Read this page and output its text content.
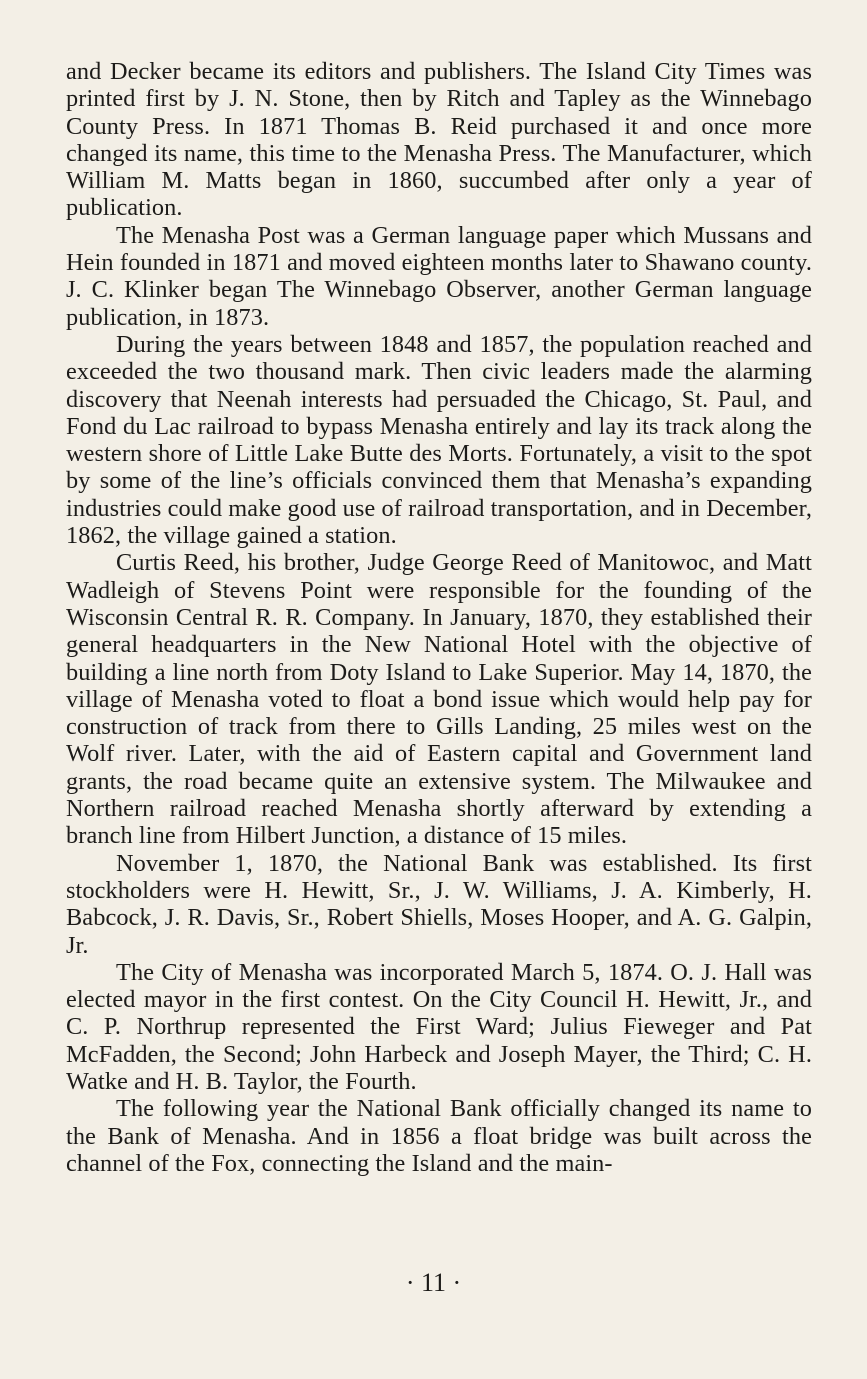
and Decker became its editors and publishers. The Island City Times was printed first by J. N. Stone, then by Ritch and Tapley as the Winnebago County Press. In 1871 Thomas B. Reid purchased it and once more changed its name, this time to the Menasha Press. The Manufacturer, which William M. Matts began in 1860, succumbed after only a year of publication.

The Menasha Post was a German language paper which Mussans and Hein founded in 1871 and moved eighteen months later to Shawano county. J. C. Klinker began The Winnebago Observer, another German language publication, in 1873.

During the years between 1848 and 1857, the population reached and exceeded the two thousand mark. Then civic leaders made the alarming discovery that Neenah interests had persuaded the Chicago, St. Paul, and Fond du Lac railroad to bypass Menasha entirely and lay its track along the western shore of Little Lake Butte des Morts. Fortunately, a visit to the spot by some of the line’s officials convinced them that Menasha’s expanding industries could make good use of railroad transportation, and in December, 1862, the village gained a station.

Curtis Reed, his brother, Judge George Reed of Manitowoc, and Matt Wadleigh of Stevens Point were responsible for the founding of the Wisconsin Central R. R. Company. In January, 1870, they established their general headquarters in the New National Hotel with the objective of building a line north from Doty Island to Lake Superior. May 14, 1870, the village of Menasha voted to float a bond issue which would help pay for construction of track from there to Gills Landing, 25 miles west on the Wolf river. Later, with the aid of Eastern capital and Government land grants, the road became quite an extensive system. The Milwaukee and Northern railroad reached Menasha shortly afterward by extending a branch line from Hilbert Junction, a distance of 15 miles.

November 1, 1870, the National Bank was established. Its first stockholders were H. Hewitt, Sr., J. W. Williams, J. A. Kimberly, H. Babcock, J. R. Davis, Sr., Robert Shiells, Moses Hooper, and A. G. Galpin, Jr.

The City of Menasha was incorporated March 5, 1874. O. J. Hall was elected mayor in the first contest. On the City Council H. Hewitt, Jr., and C. P. Northrup represented the First Ward; Julius Fieweger and Pat McFadden, the Second; John Harbeck and Joseph Mayer, the Third; C. H. Watke and H. B. Taylor, the Fourth.

The following year the National Bank officially changed its name to the Bank of Menasha. And in 1856 a float bridge was built across the channel of the Fox, connecting the Island and the main-

· 11 ·
